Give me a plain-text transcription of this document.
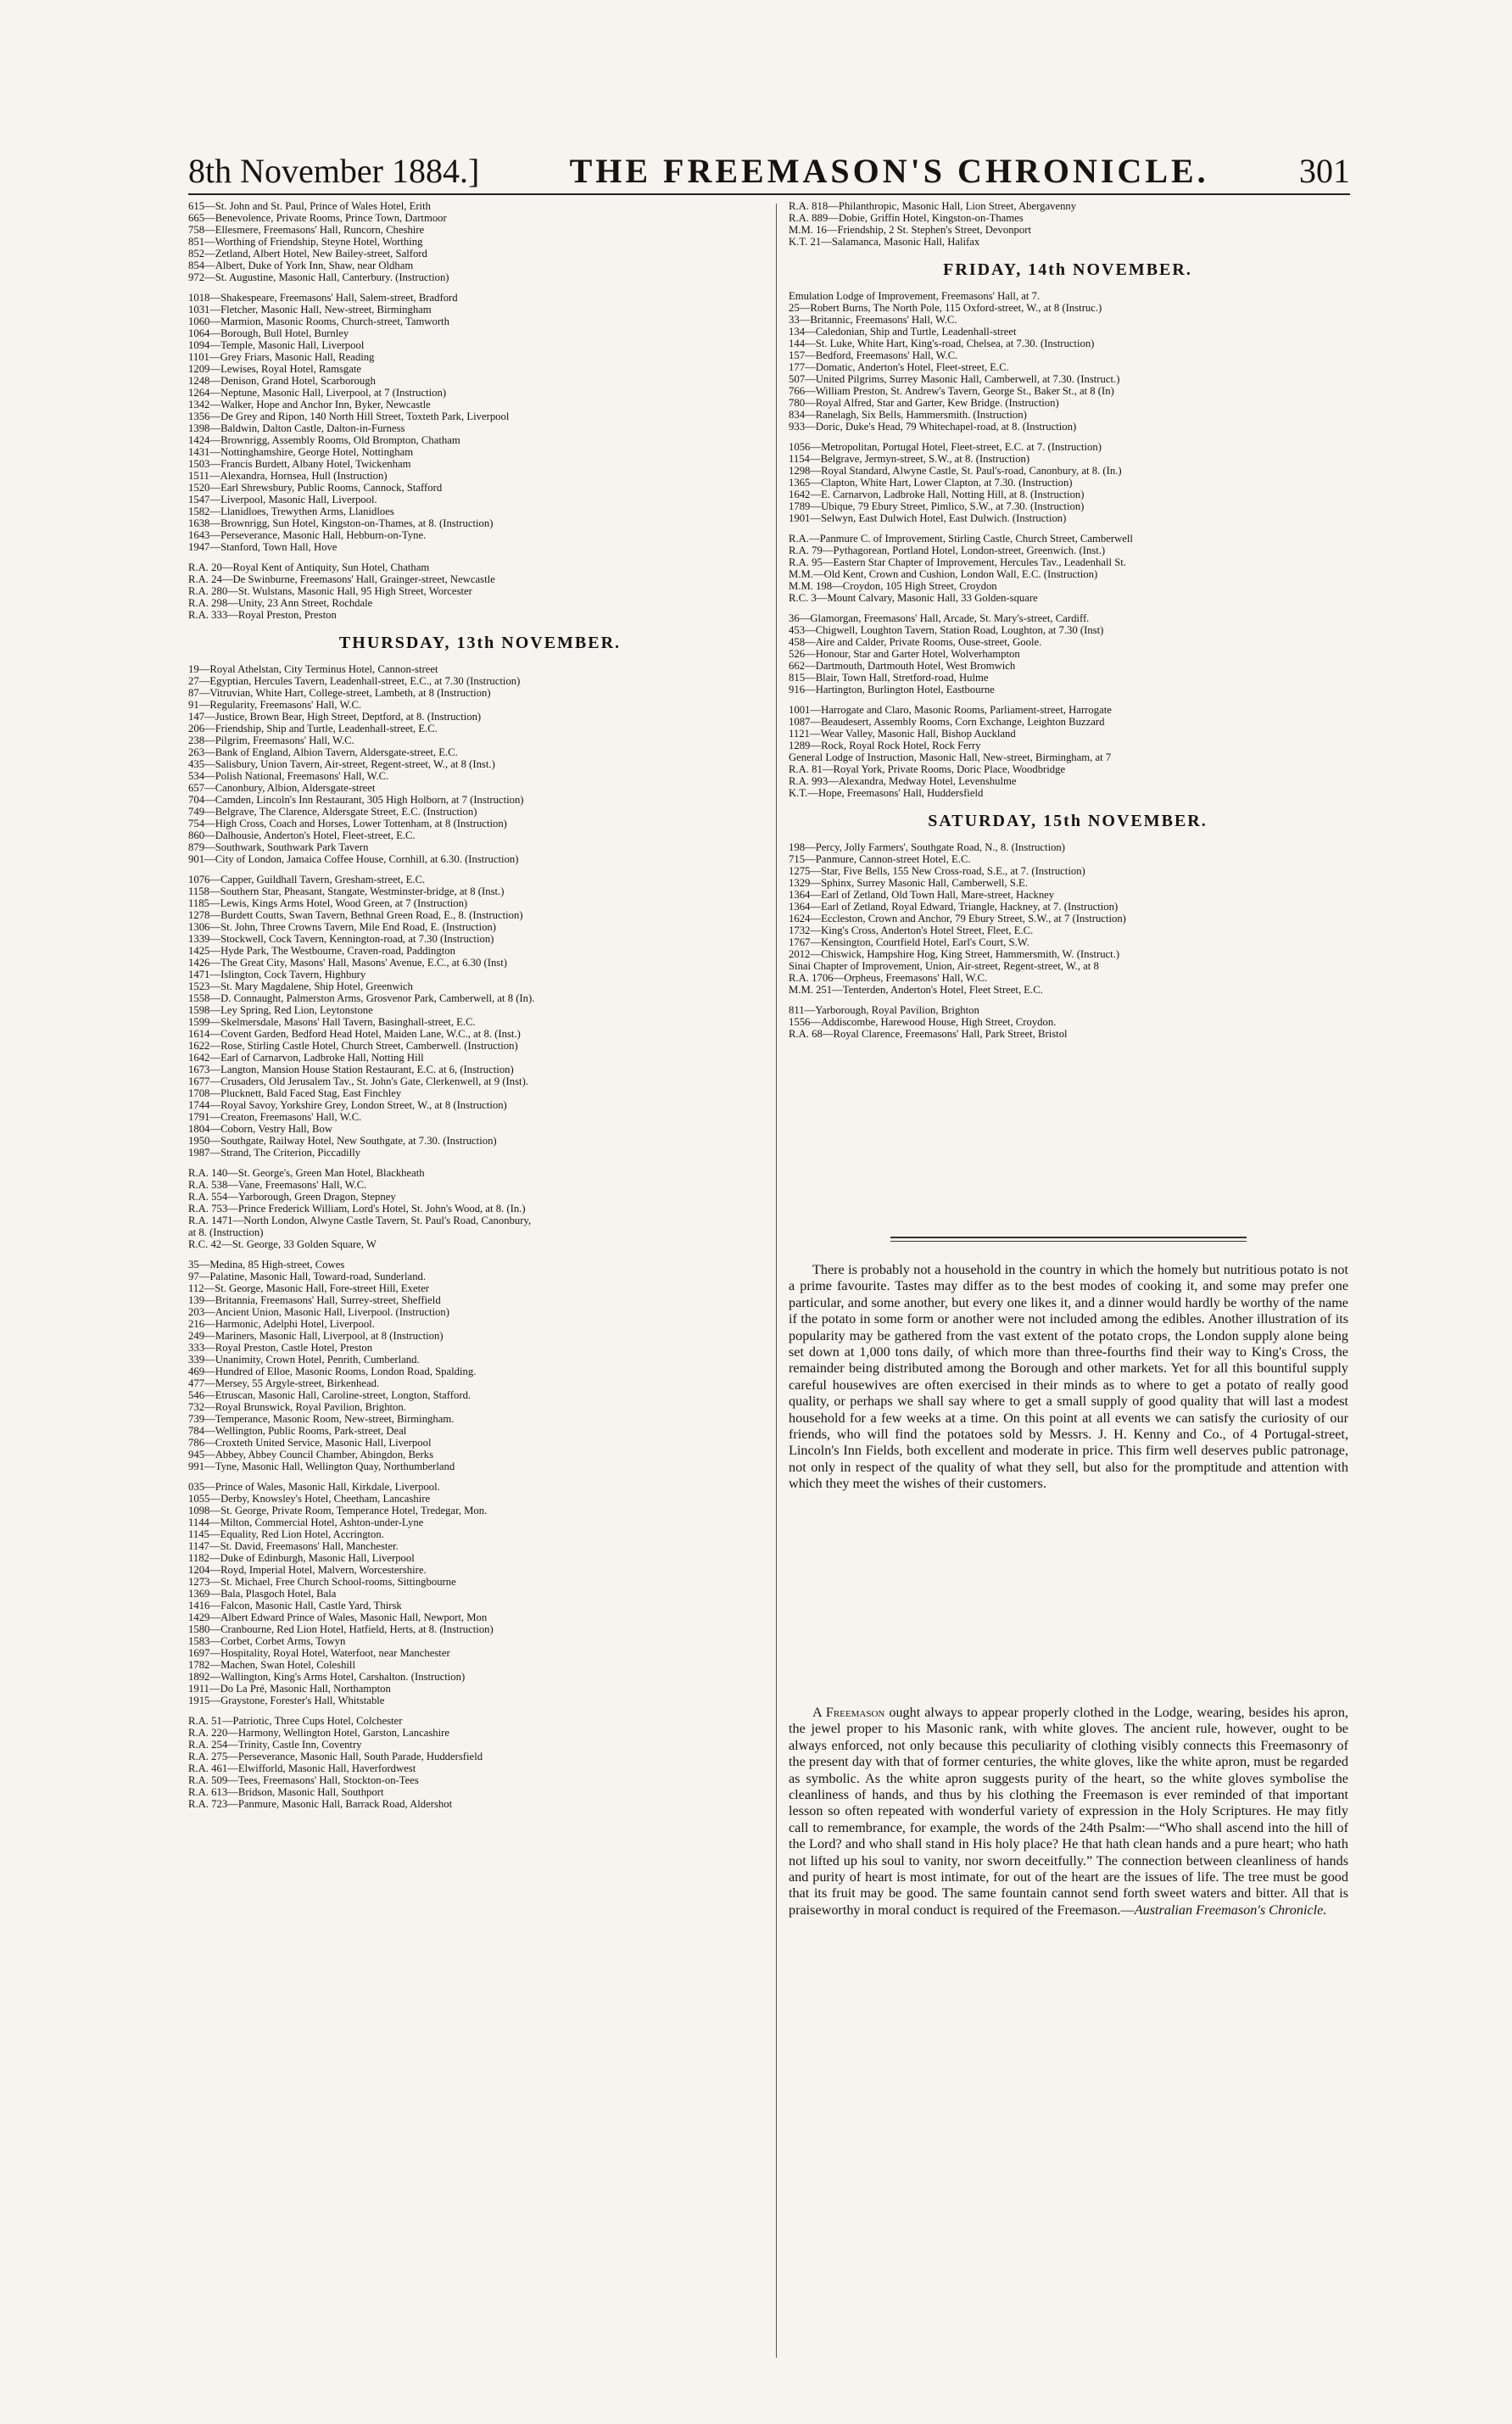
8th November 1884.]	THE FREEMASON'S CHRONICLE.	301
615—St. John and St. Paul, Prince of Wales Hotel, Erith
665—Benevolence, Private Rooms, Prince Town, Dartmoor
758—Ellesmere, Freemasons' Hall, Runcorn, Cheshire
851—Worthing of Friendship, Steyne Hotel, Worthing
852—Zetland, Albert Hotel, New Bailey-street, Salford
854—Albert, Duke of York Inn, Shaw, near Oldham
972—St. Augustine, Masonic Hall, Canterbury. (Instruction)
1018—Shakespeare, Freemasons' Hall, Salem-street, Bradford
1031—Fletcher, Masonic Hall, New-street, Birmingham
1060—Marmion, Masonic Rooms, Church-street, Tamworth
1064—Borough, Bull Hotel, Burnley
1094—Temple, Masonic Hall, Liverpool
1101—Grey Friars, Masonic Hall, Reading
1209—Lewises, Royal Hotel, Ramsgate
1248—Denison, Grand Hotel, Scarborough
1264—Neptune, Masonic Hall, Liverpool, at 7 (Instruction)
1342—Walker, Hope and Anchor Inn, Byker, Newcastle
1356—De Grey and Ripon, 140 North Hill Street, Toxteth Park, Liverpool
1398—Baldwin, Dalton Castle, Dalton-in-Furness
1424—Brownrigg, Assembly Rooms, Old Brompton, Chatham
1431—Nottinghamshire, George Hotel, Nottingham
1503—Francis Burdett, Albany Hotel, Twickenham
1511—Alexandra, Hornsea, Hull (Instruction)
1520—Earl Shrewsbury, Public Rooms, Cannock, Stafford
1547—Liverpool, Masonic Hall, Liverpool.
1582—Llanidloes, Trewythen Arms, Llanidloes
1638—Brownrigg, Sun Hotel, Kingston-on-Thames, at 8. (Instruction)
1643—Perseverance, Masonic Hall, Hebburn-on-Tyne.
1947—Stanford, Town Hall, Hove
R.A. 20—Royal Kent of Antiquity, Sun Hotel, Chatham
R.A. 24—De Swinburne, Freemasons' Hall, Grainger-street, Newcastle
R.A. 280—St. Wulstans, Masonic Hall, 95 High Street, Worcester
R.A. 298—Unity, 23 Ann Street, Rochdale
R.A. 333—Royal Preston, Preston
THURSDAY, 13th NOVEMBER.
19—Royal Athelstan, City Terminus Hotel, Cannon-street
27—Egyptian, Hercules Tavern, Leadenhall-street, E.C., at 7.30 (Instruction)
87—Vitruvian, White Hart, College-street, Lambeth, at 8 (Instruction)
91—Regularity, Freemasons' Hall, W.C.
147—Justice, Brown Bear, High Street, Deptford, at 8. (Instruction)
206—Friendship, Ship and Turtle, Leadenhall-street, E.C.
238—Pilgrim, Freemasons' Hall, W.C.
263—Bank of England, Albion Tavern, Aldersgate-street, E.C.
435—Salisbury, Union Tavern, Air-street, Regent-street, W., at 8 (Inst.)
534—Polish National, Freemasons' Hall, W.C.
657—Canonbury, Albion, Aldersgate-street
704—Camden, Lincoln's Inn Restaurant, 305 High Holborn, at 7 (Instruction)
749—Belgrave, The Clarence, Aldersgate Street, E.C. (Instruction)
754—High Cross, Coach and Horses, Lower Tottenham, at 8 (Instruction)
860—Dalhousie, Anderton's Hotel, Fleet-street, E.C.
879—Southwark, Southwark Park Tavern
901—City of London, Jamaica Coffee House, Cornhill, at 6.30. (Instruction)
1076—Capper, Guildhall Tavern, Gresham-street, E.C.
1158—Southern Star, Pheasant, Stangate, Westminster-bridge, at 8 (Inst.)
1185—Lewis, Kings Arms Hotel, Wood Green, at 7 (Instruction)
1278—Burdett Coutts, Swan Tavern, Bethnal Green Road, E., 8. (Instruction)
1306—St. John, Three Crowns Tavern, Mile End Road, E. (Instruction)
1339—Stockwell, Cock Tavern, Kennington-road, at 7.30 (Instruction)
1425—Hyde Park, The Westbourne, Craven-road, Paddington
1426—The Great City, Masons' Hall, Masons' Avenue, E.C., at 6.30 (Inst)
1471—Islington, Cock Tavern, Highbury
1523—St. Mary Magdalene, Ship Hotel, Greenwich
1558—D. Connaught, Palmerston Arms, Grosvenor Park, Camberwell, at 8 (In).
1598—Ley Spring, Red Lion, Leytonstone
1599—Skelmersdale, Masons' Hall Tavern, Basinghall-street, E.C.
1614—Covent Garden, Bedford Head Hotel, Maiden Lane, W.C., at 8. (Inst.)
1622—Rose, Stirling Castle Hotel, Church Street, Camberwell. (Instruction)
1642—Earl of Carnarvon, Ladbroke Hall, Notting Hill
1673—Langton, Mansion House Station Restaurant, E.C. at 6, (Instruction)
1677—Crusaders, Old Jerusalem Tav., St. John's Gate, Clerkenwell, at 9 (Inst).
1708—Plucknett, Bald Faced Stag, East Finchley
1744—Royal Savoy, Yorkshire Grey, London Street, W., at 8 (Instruction)
1791—Creaton, Freemasons' Hall, W.C.
1804—Coborn, Vestry Hall, Bow
1950—Southgate, Railway Hotel, New Southgate, at 7.30. (Instruction)
1987—Strand, The Criterion, Piccadilly
R.A. 140—St. George's, Green Man Hotel, Blackheath
R.A. 538—Vane, Freemasons' Hall, W.C.
R.A. 554—Yarborough, Green Dragon, Stepney
R.A. 753—Prince Frederick William, Lord's Hotel, St. John's Wood, at 8. (In.)
R.A. 1471—North London, Alwyne Castle Tavern, St. Paul's Road, Canonbury,
at 8. (Instruction)
R.C. 42—St. George, 33 Golden Square, W
35—Medina, 85 High-street, Cowes
97—Palatine, Masonic Hall, Toward-road, Sunderland.
112—St. George, Masonic Hall, Fore-street Hill, Exeter
139—Britannia, Freemasons' Hall, Surrey-street, Sheffield
203—Ancient Union, Masonic Hall, Liverpool. (Instruction)
216—Harmonic, Adelphi Hotel, Liverpool.
249—Mariners, Masonic Hall, Liverpool, at 8 (Instruction)
333—Royal Preston, Castle Hotel, Preston
339—Unanimity, Crown Hotel, Penrith, Cumberland.
469—Hundred of Elloe, Masonic Rooms, London Road, Spalding.
477—Mersey, 55 Argyle-street, Birkenhead.
546—Etruscan, Masonic Hall, Caroline-street, Longton, Stafford.
732—Royal Brunswick, Royal Pavilion, Brighton.
739—Temperance, Masonic Room, New-street, Birmingham.
784—Wellington, Public Rooms, Park-street, Deal
786—Croxteth United Service, Masonic Hall, Liverpool
945—Abbey, Abbey Council Chamber, Abingdon, Berks
991—Tyne, Masonic Hall, Wellington Quay, Northumberland
035—Prince of Wales, Masonic Hall, Kirkdale, Liverpool.
1055—Derby, Knowsley's Hotel, Cheetham, Lancashire
1098—St. George, Private Room, Temperance Hotel, Tredegar, Mon.
1144—Milton, Commercial Hotel, Ashton-under-Lyne
1145—Equality, Red Lion Hotel, Accrington.
1147—St. David, Freemasons' Hall, Manchester.
1182—Duke of Edinburgh, Masonic Hall, Liverpool
1204—Royd, Imperial Hotel, Malvern, Worcestershire.
1273—St. Michael, Free Church School-rooms, Sittingbourne
1369—Bala, Plasgoch Hotel, Bala
1416—Falcon, Masonic Hall, Castle Yard, Thirsk
1429—Albert Edward Prince of Wales, Masonic Hall, Newport, Mon
1580—Cranbourne, Red Lion Hotel, Hatfield, Herts, at 8. (Instruction)
1583—Corbet, Corbet Arms, Towyn
1697—Hospitality, Royal Hotel, Waterfoot, near Manchester
1782—Machen, Swan Hotel, Coleshill
1892—Wallington, King's Arms Hotel, Carshalton. (Instruction)
1911—Do La Pré, Masonic Hall, Northampton
1915—Graystone, Forester's Hall, Whitstable
R.A. 51—Patriotic, Three Cups Hotel, Colchester
R.A. 220—Harmony, Wellington Hotel, Garston, Lancashire
R.A. 254—Trinity, Castle Inn, Coventry
R.A. 275—Perseverance, Masonic Hall, South Parade, Huddersfield
R.A. 461—Elwifforld, Masonic Hall, Haverfordwest
R.A. 509—Tees, Freemasons' Hall, Stockton-on-Tees
R.A. 613—Bridson, Masonic Hall, Southport
R.A. 723—Panmure, Masonic Hall, Barrack Road, Aldershot
R.A. 818—Philanthropic, Masonic Hall, Lion Street, Abergavenny
R.A. 889—Dobie, Griffin Hotel, Kingston-on-Thames
M.M. 16—Friendship, 2 St. Stephen's Street, Devonport
K.T. 21—Salamanca, Masonic Hall, Halifax
FRIDAY, 14th NOVEMBER.
Emulation Lodge of Improvement, Freemasons' Hall, at 7.
25—Robert Burns, The North Pole, 115 Oxford-street, W., at 8 (Instruc.)
33—Britannic, Freemasons' Hall, W.C.
134—Caledonian, Ship and Turtle, Leadenhall-street
144—St. Luke, White Hart, King's-road, Chelsea, at 7.30. (Instruction)
157—Bedford, Freemasons' Hall, W.C.
177—Domatic, Anderton's Hotel, Fleet-street, E.C.
507—United Pilgrims, Surrey Masonic Hall, Camberwell, at 7.30. (Instruct.)
766—William Preston, St. Andrew's Tavern, George St., Baker St., at 8 (In)
780—Royal Alfred, Star and Garter, Kew Bridge. (Instruction)
834—Ranelagh, Six Bells, Hammersmith. (Instruction)
933—Doric, Duke's Head, 79 Whitechapel-road, at 8. (Instruction)
1056—Metropolitan, Portugal Hotel, Fleet-street, E.C. at 7. (Instruction)
1154—Belgrave, Jermyn-street, S.W., at 8. (Instruction)
1298—Royal Standard, Alwyne Castle, St. Paul's-road, Canonbury, at 8. (In.)
1365—Clapton, White Hart, Lower Clapton, at 7.30. (Instruction)
1642—E. Carnarvon, Ladbroke Hall, Notting Hill, at 8. (Instruction)
1789—Ubique, 79 Ebury Street, Pimlico, S.W., at 7.30. (Instruction)
1901—Selwyn, East Dulwich Hotel, East Dulwich. (Instruction)
R.A.—Panmure C. of Improvement, Stirling Castle, Church Street, Camberwell
R.A. 79—Pythagorean, Portland Hotel, London-street, Greenwich. (Inst.)
R.A. 95—Eastern Star Chapter of Improvement, Hercules Tav., Leadenhall St.
M.M.—Old Kent, Crown and Cushion, London Wall, E.C. (Instruction)
M.M. 198—Croydon, 105 High Street, Croydon
R.C. 3—Mount Calvary, Masonic Hall, 33 Golden-square
36—Glamorgan, Freemasons' Hall, Arcade, St. Mary's-street, Cardiff.
453—Chigwell, Loughton Tavern, Station Road, Loughton, at 7.30 (Inst)
458—Aire and Calder, Private Rooms, Ouse-street, Goole.
526—Honour, Star and Garter Hotel, Wolverhampton
662—Dartmouth, Dartmouth Hotel, West Bromwich
815—Blair, Town Hall, Stretford-road, Hulme
916—Hartington, Burlington Hotel, Eastbourne
1001—Harrogate and Claro, Masonic Rooms, Parliament-street, Harrogate
1087—Beaudesert, Assembly Rooms, Corn Exchange, Leighton Buzzard
1121—Wear Valley, Masonic Hall, Bishop Auckland
1289—Rock, Royal Rock Hotel, Rock Ferry
General Lodge of Instruction, Masonic Hall, New-street, Birmingham, at 7
R.A. 81—Royal York, Private Rooms, Doric Place, Woodbridge
R.A. 993—Alexandra, Medway Hotel, Levenshulme
K.T.—Hope, Freemasons' Hall, Huddersfield
SATURDAY, 15th NOVEMBER.
198—Percy, Jolly Farmers', Southgate Road, N., 8. (Instruction)
715—Panmure, Cannon-street Hotel, E.C.
1275—Star, Five Bells, 155 New Cross-road, S.E., at 7. (Instruction)
1329—Sphinx, Surrey Masonic Hall, Camberwell, S.E.
1364—Earl of Zetland, Old Town Hall, Mare-street, Hackney
1364—Earl of Zetland, Royal Edward, Triangle, Hackney, at 7. (Instruction)
1624—Eccleston, Crown and Anchor, 79 Ebury Street, S.W., at 7 (Instruction)
1732—King's Cross, Anderton's Hotel Street, Fleet, E.C.
1767—Kensington, Courtfield Hotel, Earl's Court, S.W.
2012—Chiswick, Hampshire Hog, King Street, Hammersmith, W. (Instruct.)
Sinai Chapter of Improvement, Union, Air-street, Regent-street, W., at 8
R.A. 1706—Orpheus, Freemasons' Hall, W.C.
M.M. 251—Tenterden, Anderton's Hotel, Fleet Street, E.C.
811—Yarborough, Royal Pavilion, Brighton
1556—Addiscombe, Harewood House, High Street, Croydon.
R.A. 68—Royal Clarence, Freemasons' Hall, Park Street, Bristol

There is probably not a household in the country in which the homely but nutritious potato is not a prime favourite. Tastes may differ as to the best modes of cooking it, and some may prefer one particular, and some another, but every one likes it, and a dinner would hardly be worthy of the name if the potato in some form or another were not included among the edibles. Another illustration of its popularity may be gathered from the vast extent of the potato crops, the London supply alone being set down at 1,000 tons daily, of which more than three-fourths find their way to King's Cross, the remainder being distributed among the Borough and other markets. Yet for all this bountiful supply careful housewives are often exercised in their minds as to where to get a potato of really good quality, or perhaps we shall say where to get a small supply of good quality that will last a modest household for a few weeks at a time. On this point at all events we can satisfy the curiosity of our friends, who will find the potatoes sold by Messrs. J. H. Kenny and Co., of 4 Portugal-street, Lincoln's Inn Fields, both excellent and moderate in price. This firm well deserves public patronage, not only in respect of the quality of what they sell, but also for the promptitude and attention with which they meet the wishes of their customers.

A Freemason ought always to appear properly clothed in the Lodge, wearing, besides his apron, the jewel proper to his Masonic rank, with white gloves. The ancient rule, however, ought to be always enforced, not only because this peculiarity of clothing visibly connects this Freemasonry of the present day with that of former centuries, the white gloves, like the white apron, must be regarded as symbolic. As the white apron suggests purity of the heart, so the white gloves symbolise the cleanliness of hands, and thus by his clothing the Freemason is ever reminded of that important lesson so often repeated with wonderful variety of expression in the Holy Scriptures. He may fitly call to remembrance, for example, the words of the 24th Psalm:—“Who shall ascend into the hill of the Lord? and who shall stand in His holy place? He that hath clean hands and a pure heart; who hath not lifted up his soul to vanity, nor sworn deceitfully.” The connection between cleanliness of hands and purity of heart is most intimate, for out of the heart are the issues of life. The tree must be good that its fruit may be good. The same fountain cannot send forth sweet waters and bitter. All that is praiseworthy in moral conduct is required of the Freemason.—Australian Freemason's Chronicle.
